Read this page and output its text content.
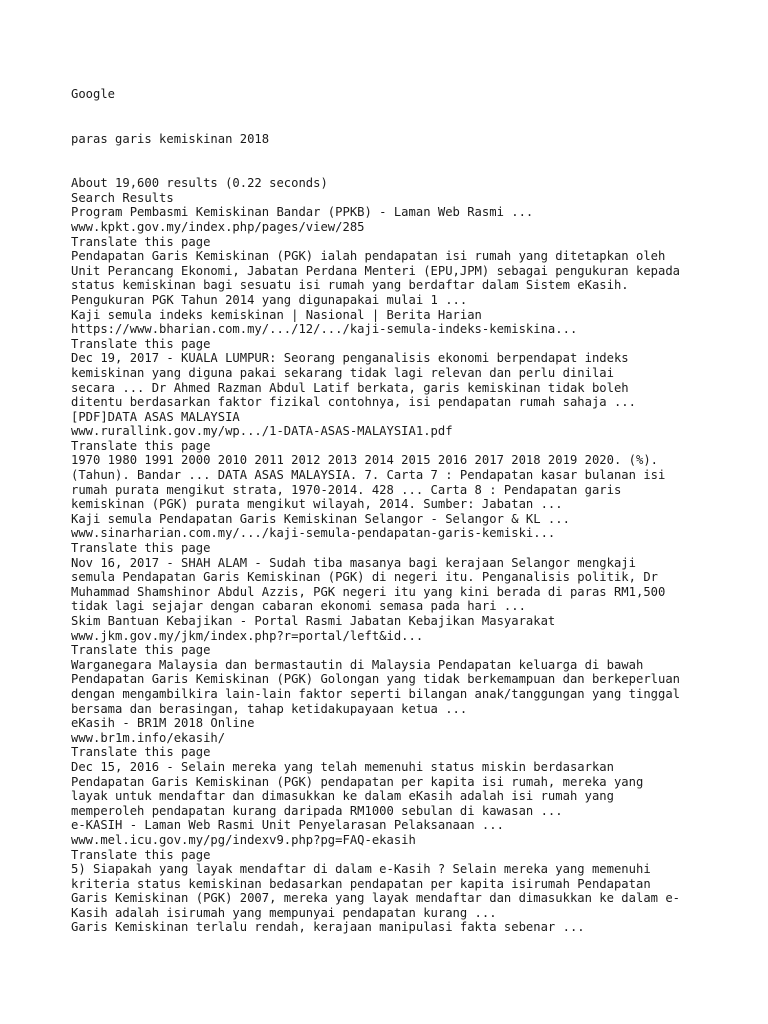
Google
paras garis kemiskinan 2018
About 19,600 results (0.22 seconds)
Search Results
Program Pembasmi Kemiskinan Bandar (PPKB) - Laman Web Rasmi ...
www.kpkt.gov.my/index.php/pages/view/285
Translate this page
Pendapatan Garis Kemiskinan (PGK) ialah pendapatan isi rumah yang ditetapkan oleh
Unit Perancang Ekonomi, Jabatan Perdana Menteri (EPU,JPM) sebagai pengukuran kepada
status kemiskinan bagi sesuatu isi rumah yang berdaftar dalam Sistem eKasih.
Pengukuran PGK Tahun 2014 yang digunapakai mulai 1 ...
Kaji semula indeks kemiskinan | Nasional | Berita Harian
https://www.bharian.com.my/.../12/.../kaji-semula-indeks-kemiskina...
Translate this page
Dec 19, 2017 - KUALA LUMPUR: Seorang penganalisis ekonomi berpendapat indeks
kemiskinan yang diguna pakai sekarang tidak lagi relevan dan perlu dinilai
secara ... Dr Ahmed Razman Abdul Latif berkata, garis kemiskinan tidak boleh
ditentu berdasarkan faktor fizikal contohnya, isi pendapatan rumah sahaja ...
[PDF]DATA ASAS MALAYSIA
www.rurallink.gov.my/wp.../1-DATA-ASAS-MALAYSIA1.pdf
Translate this page
1970 1980 1991 2000 2010 2011 2012 2013 2014 2015 2016 2017 2018 2019 2020. (%).
(Tahun). Bandar ... DATA ASAS MALAYSIA. 7. Carta 7 : Pendapatan kasar bulanan isi
rumah purata mengikut strata, 1970-2014. 428 ... Carta 8 : Pendapatan garis
kemiskinan (PGK) purata mengikut wilayah, 2014. Sumber: Jabatan ...
Kaji semula Pendapatan Garis Kemiskinan Selangor - Selangor & KL ...
www.sinarharian.com.my/.../kaji-semula-pendapatan-garis-kemiski...
Translate this page
Nov 16, 2017 - SHAH ALAM - Sudah tiba masanya bagi kerajaan Selangor mengkaji
semula Pendapatan Garis Kemiskinan (PGK) di negeri itu. Penganalisis politik, Dr
Muhammad Shamshinor Abdul Azzis, PGK negeri itu yang kini berada di paras RM1,500
tidak lagi sejajar dengan cabaran ekonomi semasa pada hari ...
Skim Bantuan Kebajikan - Portal Rasmi Jabatan Kebajikan Masyarakat
www.jkm.gov.my/jkm/index.php?r=portal/left&id...
Translate this page
Warganegara Malaysia dan bermastautin di Malaysia Pendapatan keluarga di bawah
Pendapatan Garis Kemiskinan (PGK) Golongan yang tidak berkemampuan dan berkeperluan
dengan mengambilkira lain-lain faktor seperti bilangan anak/tanggungan yang tinggal
bersama dan berasingan, tahap ketidakupayaan ketua ...
eKasih - BR1M 2018 Online
www.br1m.info/ekasih/
Translate this page
Dec 15, 2016 - Selain mereka yang telah memenuhi status miskin berdasarkan
Pendapatan Garis Kemiskinan (PGK) pendapatan per kapita isi rumah, mereka yang
layak untuk mendaftar dan dimasukkan ke dalam eKasih adalah isi rumah yang
memperoleh pendapatan kurang daripada RM1000 sebulan di kawasan ...
e-KASIH - Laman Web Rasmi Unit Penyelarasan Pelaksanaan ...
www.mel.icu.gov.my/pg/indexv9.php?pg=FAQ-ekasih
Translate this page
5) Siapakah yang layak mendaftar di dalam e-Kasih ? Selain mereka yang memenuhi
kriteria status kemiskinan bedasarkan pendapatan per kapita isirumah Pendapatan
Garis Kemiskinan (PGK) 2007, mereka yang layak mendaftar dan dimasukkan ke dalam e-
Kasih adalah isirumah yang mempunyai pendapatan kurang ...
Garis Kemiskinan terlalu rendah, kerajaan manipulasi fakta sebenar ...
